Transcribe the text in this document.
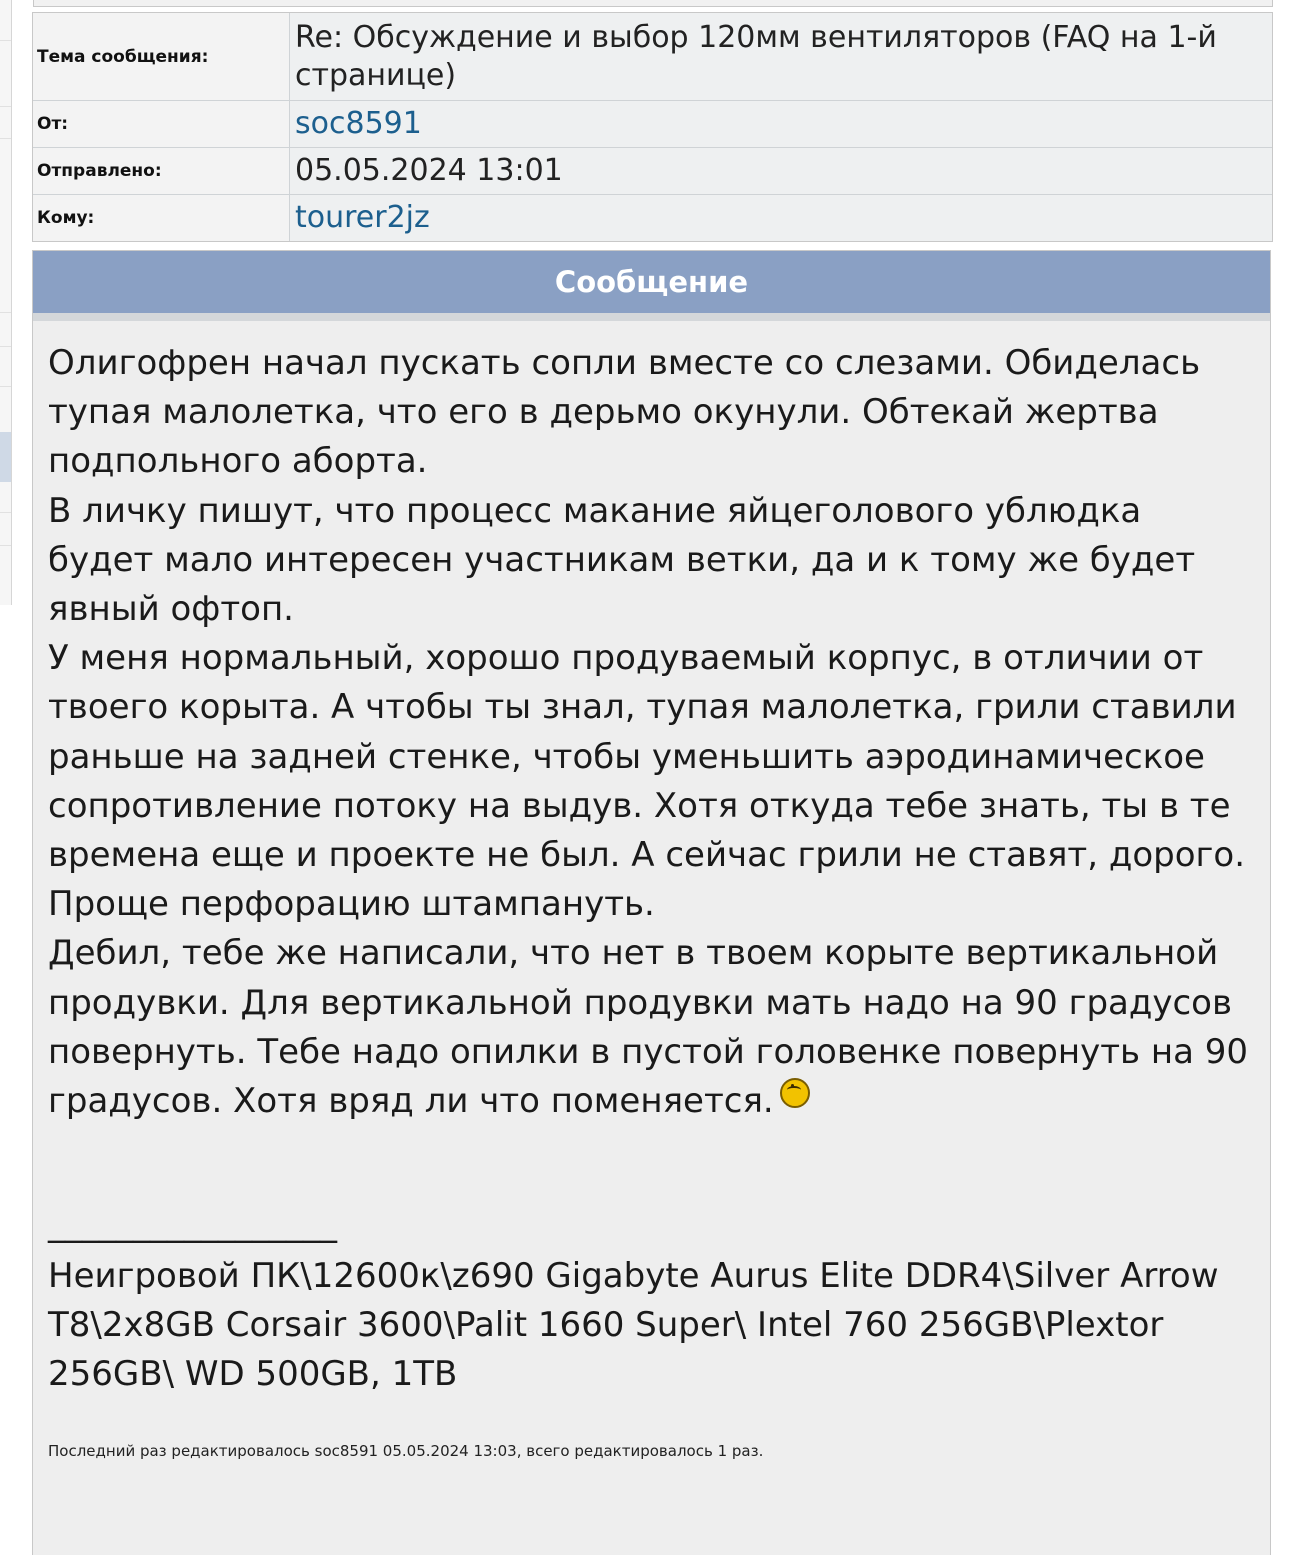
Тема сообщения:
Re: Обсуждение и выбор 120мм вентиляторов (FAQ на 1-й странице)
От:	soc8591
Отправлено:	05.05.2024 13:01
Кому:	tourer2jz
Сообщение

Олигофрен начал пускать сопли вместе со слезами. Обиделась тупая малолетка, что его в дерьмо окунули. Обтекай жертва подпольного аборта.

В личку пишут, что процесс макание яйцеголового ублюдка будет мало интересен участникам ветки, да и к тому же будет явный офтоп.

У меня нормальный, хорошо продуваемый корпус, в отличии от твоего корыта. А чтобы ты знал, тупая малолетка, грили ставили раньше на задней стенке, чтобы уменьшить аэродинамическое сопротивление потоку на выдув. Хотя откуда тебе знать, ты в те времена еще и проекте не был. А сейчас грили не ставят, дорого. Проще перфорацию штампануть.

Дебил, тебе же написали, что нет в твоем корыте вертикальной продувки. Для вертикальной продувки мать надо на 90 градусов повернуть. Тебе надо опилки в пустой головенке повернуть на 90 градусов. Хотя вряд ли что поменяется.

_________________
Неигровой ПК\12600к\z690 Gigabyte Aurus Elite DDR4\Silver Arrow T8\2x8GB Corsair 3600\Palit 1660 Super\ Intel 760 256GB\Plextor 256GB\ WD 500GB, 1TB
Последний раз редактировалось soc8591 05.05.2024 13:03, всего редактировалось 1 раз.
